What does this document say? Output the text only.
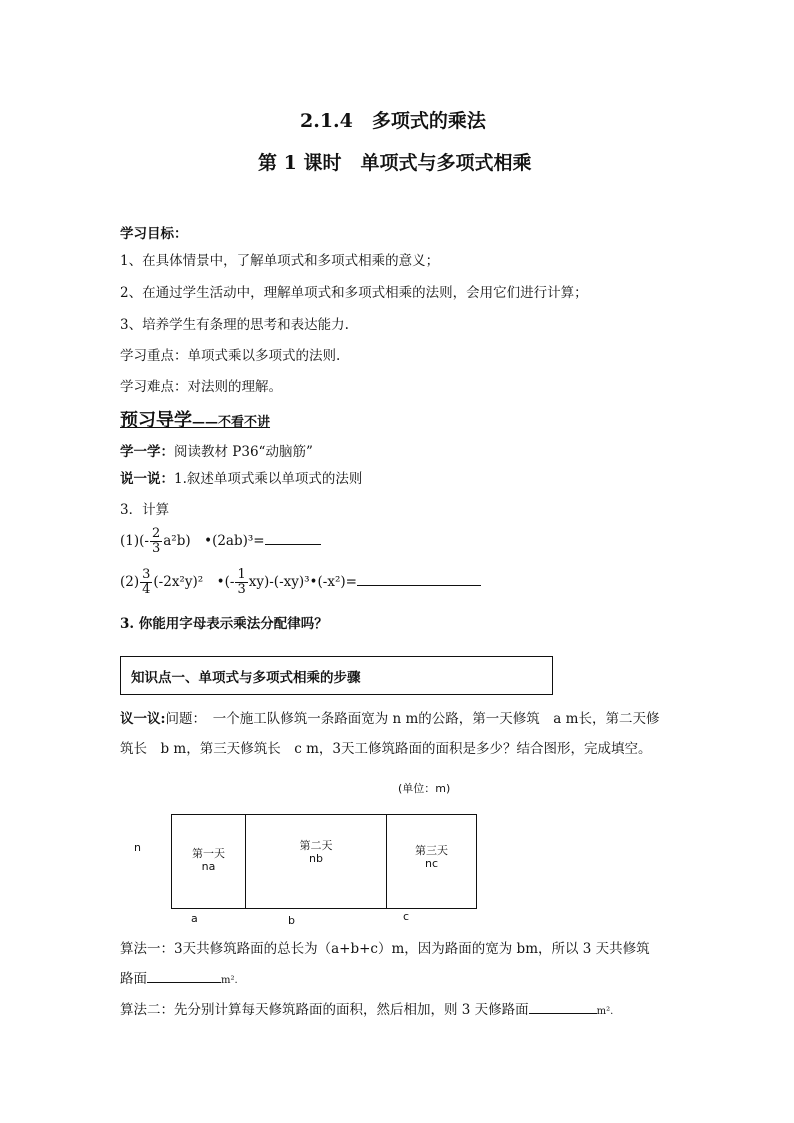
2.1.4　多项式的乘法
第 1 课时　单项式与多项式相乘
学习目标：
1、在具体情景中，了解单项式和多项式相乘的意义；
2、在通过学生活动中，理解单项式和多项式相乘的法则，会用它们进行计算；
3、培养学生有条理的思考和表达能力.
学习重点：单项式乘以多项式的法则.
学习难点：对法则的理解。
预习导学——不看不讲
学一学：阅读教材 P36“动脑筋”
说一说：1.叙述单项式乘以单项式的法则
3．计算
$(1)(- \frac{2}{3} a^2b)$　•(2ab)³=
$(2) \frac{3}{4} (-2x^2y)^2$　•(- $\frac{1}{3}$ xy)-(-xy)³•(-x²)=
3. 你能用字母表示乘法分配律吗？
知识点一、单项式与多项式相乘的步骤
议一议:问题：　一个施工队修筑一条路面宽为 n m的公路，第一天修筑　a m长，第二天修
筑长　b m，第三天修筑长　c m，3天工修筑路面的面积是多少？结合图形，完成填空。
(单位：m)
n	第一天
na
第二天
nb
第三天
nc
a	b	c
算法一：3天共修筑路面的总长为（a+b+c）m，因为路面的宽为 bm，所以 3 天共修筑
路面	m².
算法二：先分别计算每天修筑路面的面积，然后相加，则 3 天修路面	m².
